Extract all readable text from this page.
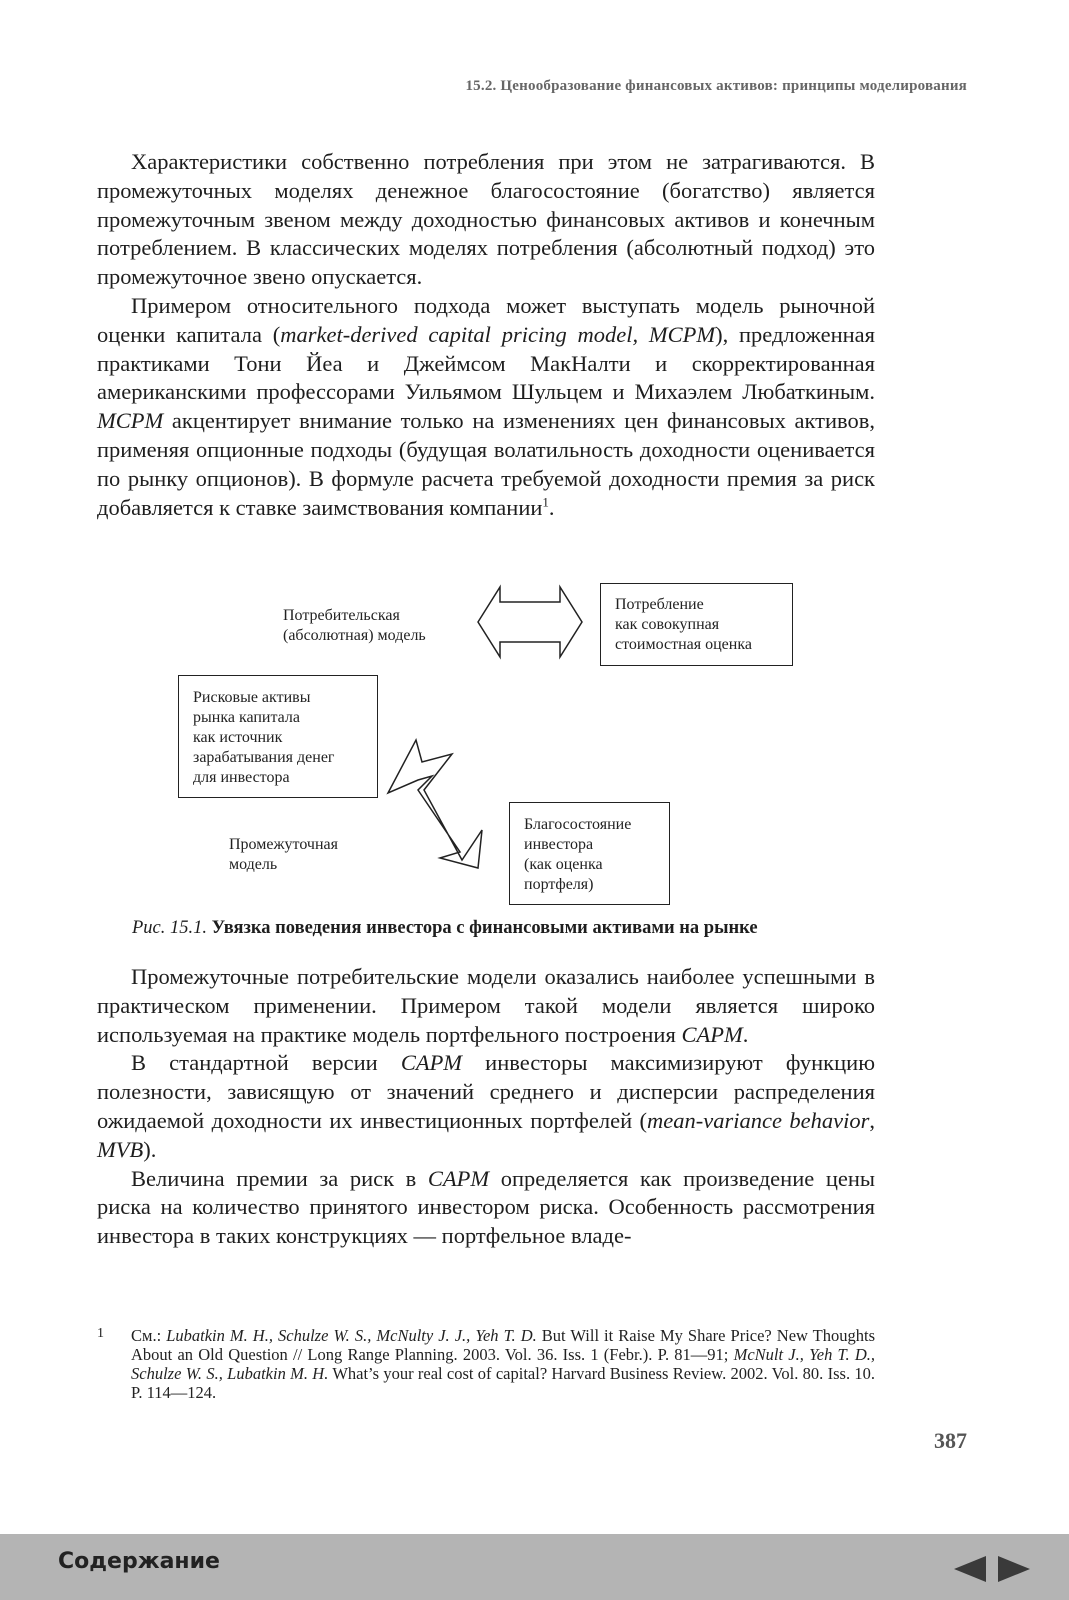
15.2. Ценообразование финансовых активов: принципы моделирования

Характеристики собственно потребления при этом не затрагиваются. В промежуточных моделях денежное благосостояние (богатство) является промежуточным звеном между доходностью финансовых активов и конечным потреблением. В классических моделях потребления (абсолютный подход) это промежуточное звено опускается.

Примером относительного подхода может выступать модель рыночной оценки капитала (market-derived capital pricing model, MCPM), предложенная практиками Тони Йеа и Джеймсом МакНалти и скорректированная американскими профессорами Уильямом Шульцем и Михаэлем Любаткиным. MCPM акцентирует внимание только на изменениях цен финансовых активов, применяя опционные подходы (будущая волатильность доходности оценивается по рынку опционов). В формуле расчета требуемой доходности премия за риск добавляется к ставке заимствования компании$^1$.

Потребительская
(абсолютная) модель
Потребление
как совокупная
стоимостная оценка
Рисковые активы
рынка капитала
как источник
зарабатывания денег
для инвестора
Промежуточная
модель
Благосостояние
инвестора
(как оценка
портфеля)
Рис. 15.1. Увязка поведения инвестора с финансовыми активами на рынке

Промежуточные потребительские модели оказались наиболее успешными в практическом применении. Примером такой модели является широко используемая на практике модель портфельного построения CAPM.

В стандартной версии CAPM инвесторы максимизируют функцию полезности, зависящую от значений среднего и дисперсии распределения ожидаемой доходности их инвестиционных портфелей (mean-variance behavior, MVB).

Величина премии за риск в CAPM определяется как произведение цены риска на количество принятого инвестором риска. Особенность рассмотрения инвестора в таких конструкциях — портфельное владе-

1 См.: Lubatkin M. H., Schulze W. S., McNulty J. J., Yeh T. D. But Will it Raise My Share Price? New Thoughts About an Old Question // Long Range Planning. 2003. Vol. 36. Iss. 1 (Febr.). P. 81—91; McNult J., Yeh T. D., Schulze W. S., Lubatkin M. H. What’s your real cost of capital? Harvard Business Review. 2002. Vol. 80. Iss. 10. P. 114—124.
387
Содержание
